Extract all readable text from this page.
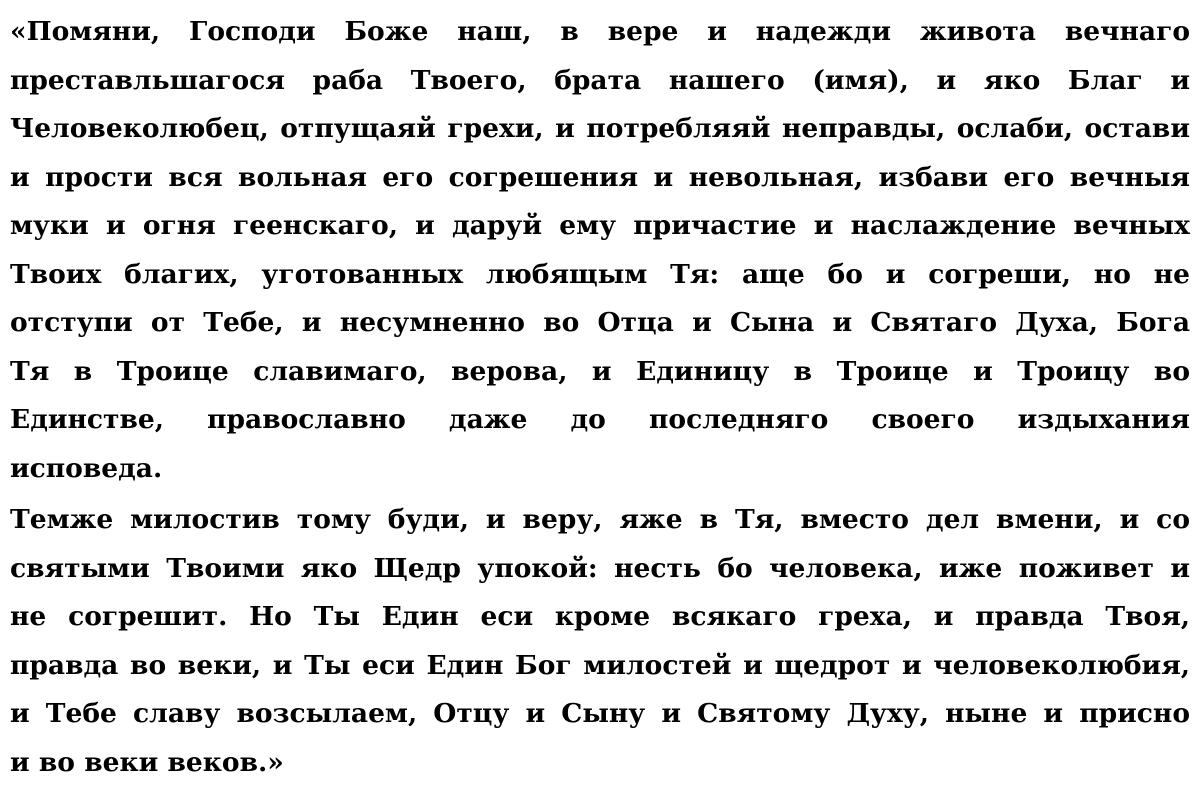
«Помяни, Господи Боже наш, в вере и надежди живота вечнаго
преставльшагося раба Твоего, брата нашего (имя), и яко Благ и
Человеколюбец, отпущаяй грехи, и потребляяй неправды, ослаби, остави
и прости вся вольная его согрешения и невольная, избави его вечныя
муки и огня геенскаго, и даруй ему причастие и наслаждение вечных
Твоих благих, уготованных любящым Тя: аще бо и согреши, но не
отступи от Тебе, и несумненно во Отца и Сына и Святаго Духа, Бога
Тя в Троице славимаго, верова, и Единицу в Троице и Троицу во
Единстве, православно даже до последняго своего издыхания
исповеда.
Темже милостив тому буди, и веру, яже в Тя, вместо дел вмени, и со
святыми Твоими яко Щедр упокой: несть бо человека, иже поживет и
не согрешит. Но Ты Един еси кроме всякаго греха, и правда Твоя,
правда во веки, и Ты еси Един Бог милостей и щедрот и человеколюбия,
и Тебе славу возсылаем, Отцу и Сыну и Святому Духу, ныне и присно
и во веки веков.»
